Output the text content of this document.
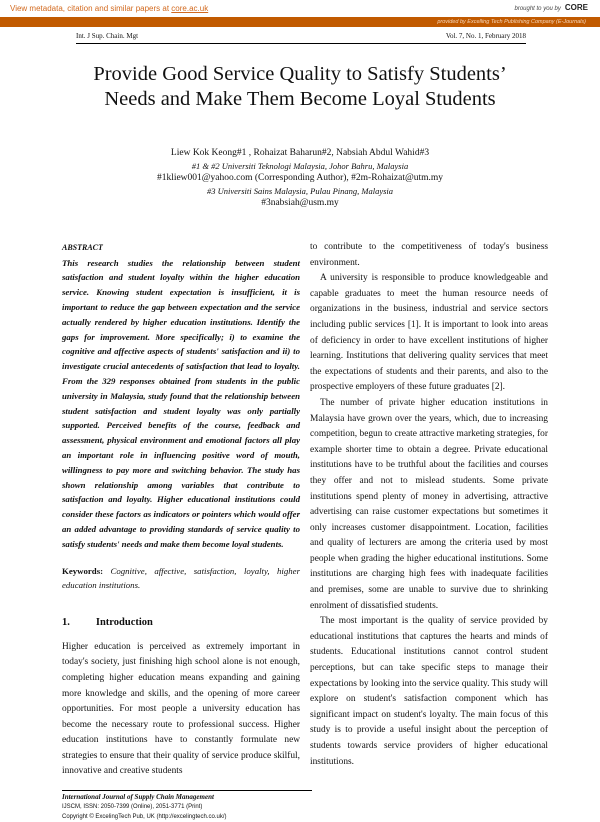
View metadata, citation and similar papers at core.ac.uk	brought to you by CORE
provided by Excelling Tech Publishing Company (E-Journals)
Int. J Sup. Chain. Mgt	Vol. 7, No. 1, February 2018
Provide Good Service Quality to Satisfy Students’ Needs and Make Them Become Loyal Students
Liew Kok Keong#1 , Rohaizat Baharun#2, Nabsiah Abdul Wahid#3
#1 & #2 Universiti Teknologi Malaysia, Johor Bahru, Malaysia
#1kliew001@yahoo.com (Corresponding Author), #2m-Rohaizat@utm.my
#3 Universiti Sains Malaysia, Pulau Pinang, Malaysia
#3nabsiah@usm.my
ABSTRACT
This research studies the relationship between student satisfaction and student loyalty within the higher education service. Knowing student expectation is insufficient, it is important to reduce the gap between expectation and the service actually rendered by higher education institutions. Identify the gaps for improvement. More specifically; i) to examine the cognitive and affective aspects of students' satisfaction and ii) to investigate crucial antecedents of satisfaction that lead to loyalty. From the 329 responses obtained from students in the public university in Malaysia, study found that the relationship between student satisfaction and student loyalty was only partially supported. Perceived benefits of the course, feedback and assessment, physical environment and emotional factors all play an important role in influencing positive word of mouth, willingness to pay more and switching behavior. The study has shown relationship among variables that contribute to satisfaction and loyalty. Higher educational institutions could consider these factors as indicators or pointers which would offer an added advantage to providing standards of service quality to satisfy students' needs and make them become loyal students.
Keywords: Cognitive, affective, satisfaction, loyalty, higher education institutions.
1. Introduction

Higher education is perceived as extremely important in today's society, just finishing high school alone is not enough, completing higher education means expanding and gaining more knowledge and skills, and the opening of more career opportunities. For most people a university education has become the necessary route to professional success. Higher education institutions have to constantly formulate new strategies to ensure that their quality of service produce skilful, innovative and creative students

International Journal of Supply Chain Management
IJSCM, ISSN: 2050-7399 (Online), 2051-3771 (Print)
Copyright © ExcelingTech Pub, UK (http://excelingtech.co.uk/)

to contribute to the competitiveness of today's business environment.

A university is responsible to produce knowledgeable and capable graduates to meet the human resource needs of organizations in the business, industrial and service sectors including public services [1]. It is important to look into areas of deficiency in order to have excellent institutions of higher learning. Institutions that delivering quality services that meet the expectations of students and their parents, and also to the prospective employers of these future graduates [2].

The number of private higher education institutions in Malaysia have grown over the years, which, due to increasing competition, begun to create attractive marketing strategies, for example shorter time to obtain a degree. Private educational institutions have to be truthful about the facilities and courses they offer and not to mislead students. Some private institutions spend plenty of money in advertising, attractive advertising can raise customer expectations but sometimes it only increases customer disappointment. Location, facilities and quality of lecturers are among the criteria used by most people when grading the higher educational institutions. Some institutions are charging high fees with inadequate facilities and premises, some are unable to survive due to shrinking enrolment of dissatisfied students.

The most important is the quality of service provided by educational institutions that captures the hearts and minds of students. Educational institutions cannot control student perceptions, but can take specific steps to manage their expectations by looking into the service quality. This study will explore on student's satisfaction component which has significant impact on student's loyalty. The main focus of this study is to provide a useful insight about the perception of students towards service providers of higher educational institutions.
